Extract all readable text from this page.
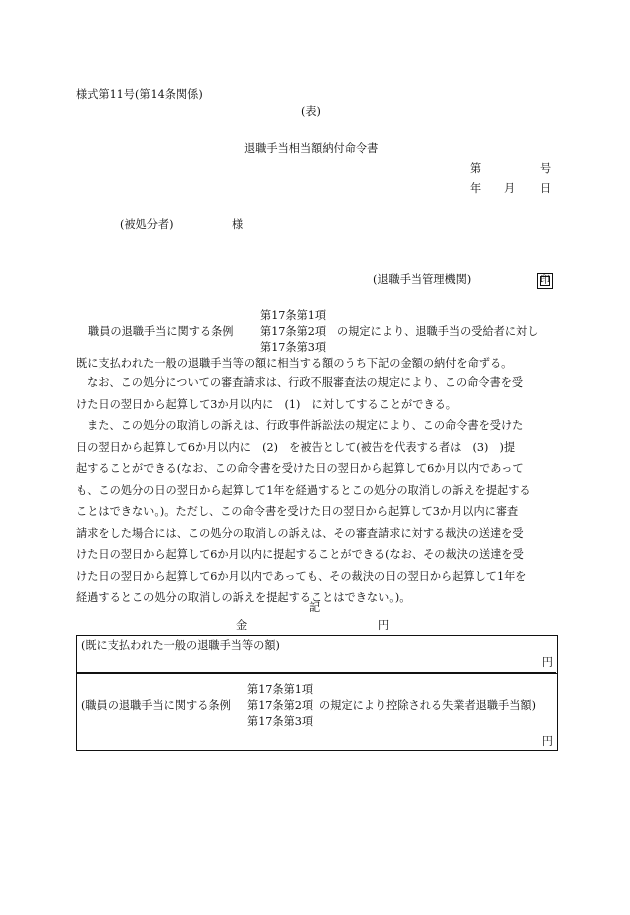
様式第11号(第14条関係)
(表)
退職手当相当額納付命令書
第	号
年 月 日
(被処分者)	様
(退職手当管理機関)	印
第17条第1項
職員の退職手当に関する条例 第17条第2項 の規定により、退職手当の受給者に対し
第17条第3項
既に支払われた一般の退職手当等の額に相当する額のうち下記の金額の納付を命ずる。
なお、この処分についての審査請求は、行政不服審査法の規定により、この命令書を受
けた日の翌日から起算して3か月以内に　(1)　に対してすることができる。
また、この処分の取消しの訴えは、行政事件訴訟法の規定により、この命令書を受けた
日の翌日から起算して6か月以内に　(2)　を被告として(被告を代表する者は　(3)　)提
起することができる(なお、この命令書を受けた日の翌日から起算して6か月以内であって
も、この処分の日の翌日から起算して1年を経過するとこの処分の取消しの訴えを提起する
ことはできない。)。ただし、この命令書を受けた日の翌日から起算して3か月以内に審査
請求をした場合には、この処分の取消しの訴えは、その審査請求に対する裁決の送達を受
けた日の翌日から起算して6か月以内に提起することができる(なお、その裁決の送達を受
けた日の翌日から起算して6か月以内であっても、その裁決の日の翌日から起算して1年を
経過するとこの処分の取消しの訴えを提起することはできない。)。
記
金	円
(既に支払われた一般の退職手当等の額)
円
第17条第1項
(職員の退職手当に関する条例 第17条第2項 の規定により控除される失業者退職手当額)
第17条第3項
円
